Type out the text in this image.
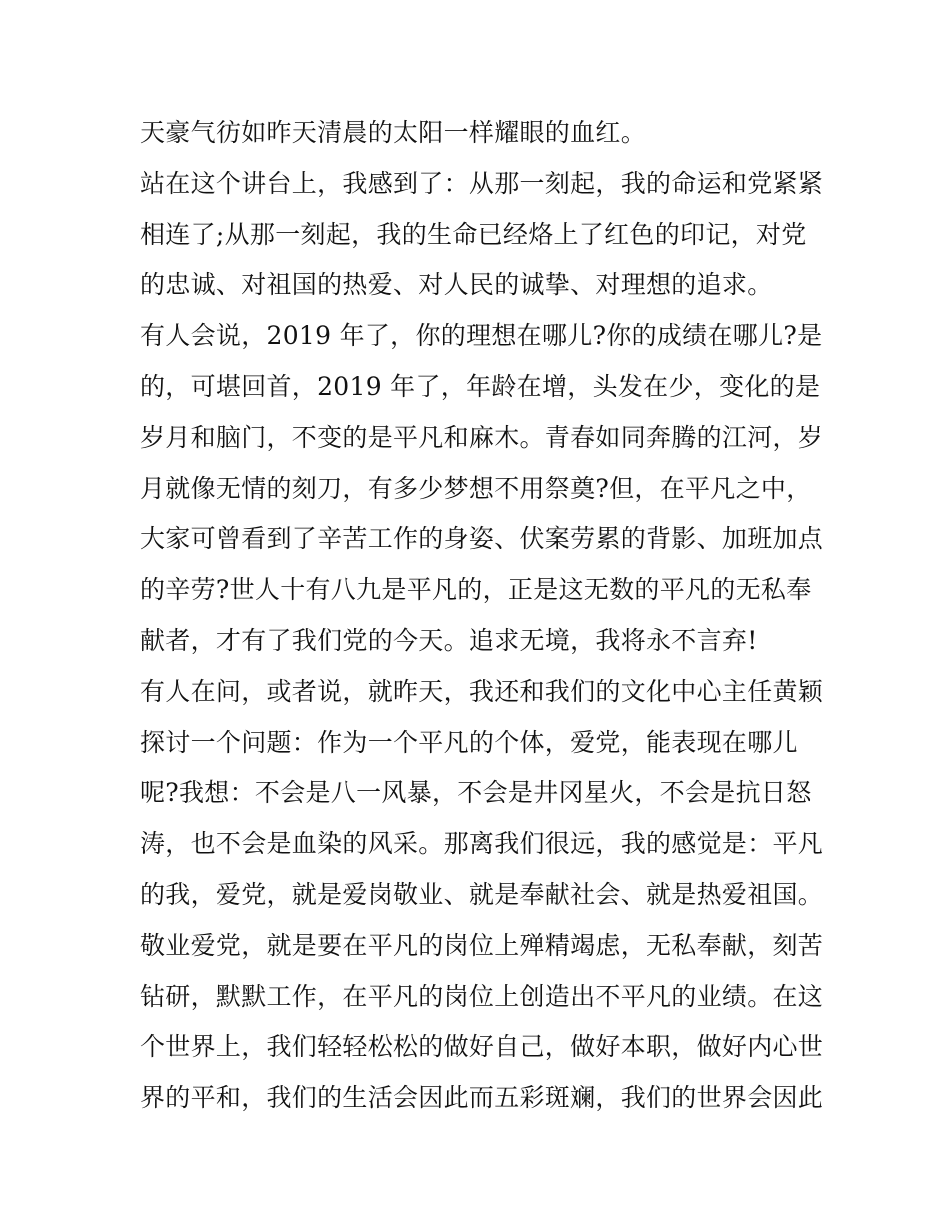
天豪气彷如昨天清晨的太阳一样耀眼的血红。
站在这个讲台上，我感到了：从那一刻起，我的命运和党紧紧
相连了;从那一刻起，我的生命已经烙上了红色的印记，对党
的忠诚、对祖国的热爱、对人民的诚挚、对理想的追求。
有人会说，2019 年了，你的理想在哪儿?你的成绩在哪儿?是
的，可堪回首，2019 年了，年龄在增，头发在少，变化的是
岁月和脑门，不变的是平凡和麻木。青春如同奔腾的江河，岁
月就像无情的刻刀，有多少梦想不用祭奠?但，在平凡之中，
大家可曾看到了辛苦工作的身姿、伏案劳累的背影、加班加点
的辛劳?世人十有八九是平凡的，正是这无数的平凡的无私奉
献者，才有了我们党的今天。追求无境，我将永不言弃!
有人在问，或者说，就昨天，我还和我们的文化中心主任黄颖
探讨一个问题：作为一个平凡的个体，爱党，能表现在哪儿
呢?我想：不会是八一风暴，不会是井冈星火，不会是抗日怒
涛，也不会是血染的风采。那离我们很远，我的感觉是：平凡
的我，爱党，就是爱岗敬业、就是奉献社会、就是热爱祖国。
敬业爱党，就是要在平凡的岗位上殚精竭虑，无私奉献，刻苦
钻研，默默工作，在平凡的岗位上创造出不平凡的业绩。在这
个世界上，我们轻轻松松的做好自己，做好本职，做好内心世
界的平和，我们的生活会因此而五彩斑斓，我们的世界会因此
